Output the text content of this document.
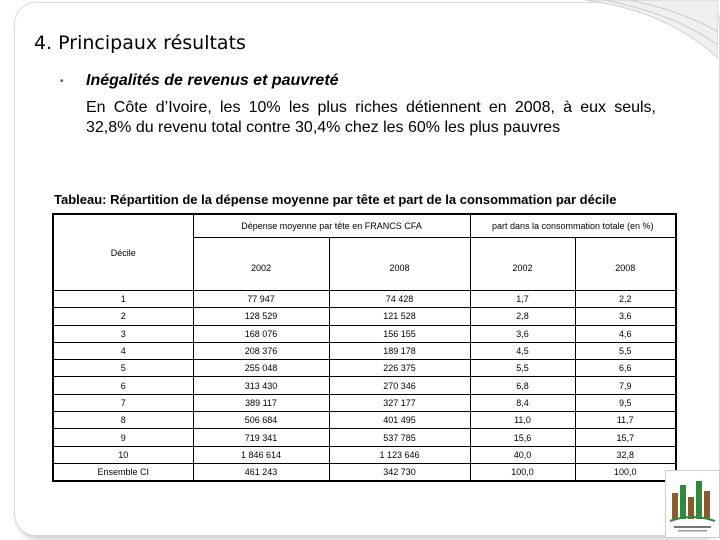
4. Principaux résultats
• Inégalités de revenus et pauvreté
En Côte d’Ivoire, les 10% les plus riches détiennent en 2008, à eux seuls, 32,8% du revenu total contre 30,4% chez les 60% les plus pauvres
Tableau: Répartition de la dépense moyenne par tête et part de la consommation par décile
Décile	Dépense moyenne par tête en FRANCS CFA		part dans la consommation totale (en %)	
	2002	2008	2002	2008
1	77 947	74 428	1,7	2,2
2	128 529	121 528	2,8	3,6
3	168 076	156 155	3,6	4,6
4	208 376	189 178	4,5	5,5
5	255 048	226 375	5,5	6,6
6	313 430	270 346	6,8	7,9
7	389 117	327 177	8,4	9,5
8	506 684	401 495	11,0	11,7
9	719 341	537 785	15,6	15,7
10	1 846 614	1 123 646	40,0	32,8
Ensemble CI	461 243	342 730	100,0	100,0
